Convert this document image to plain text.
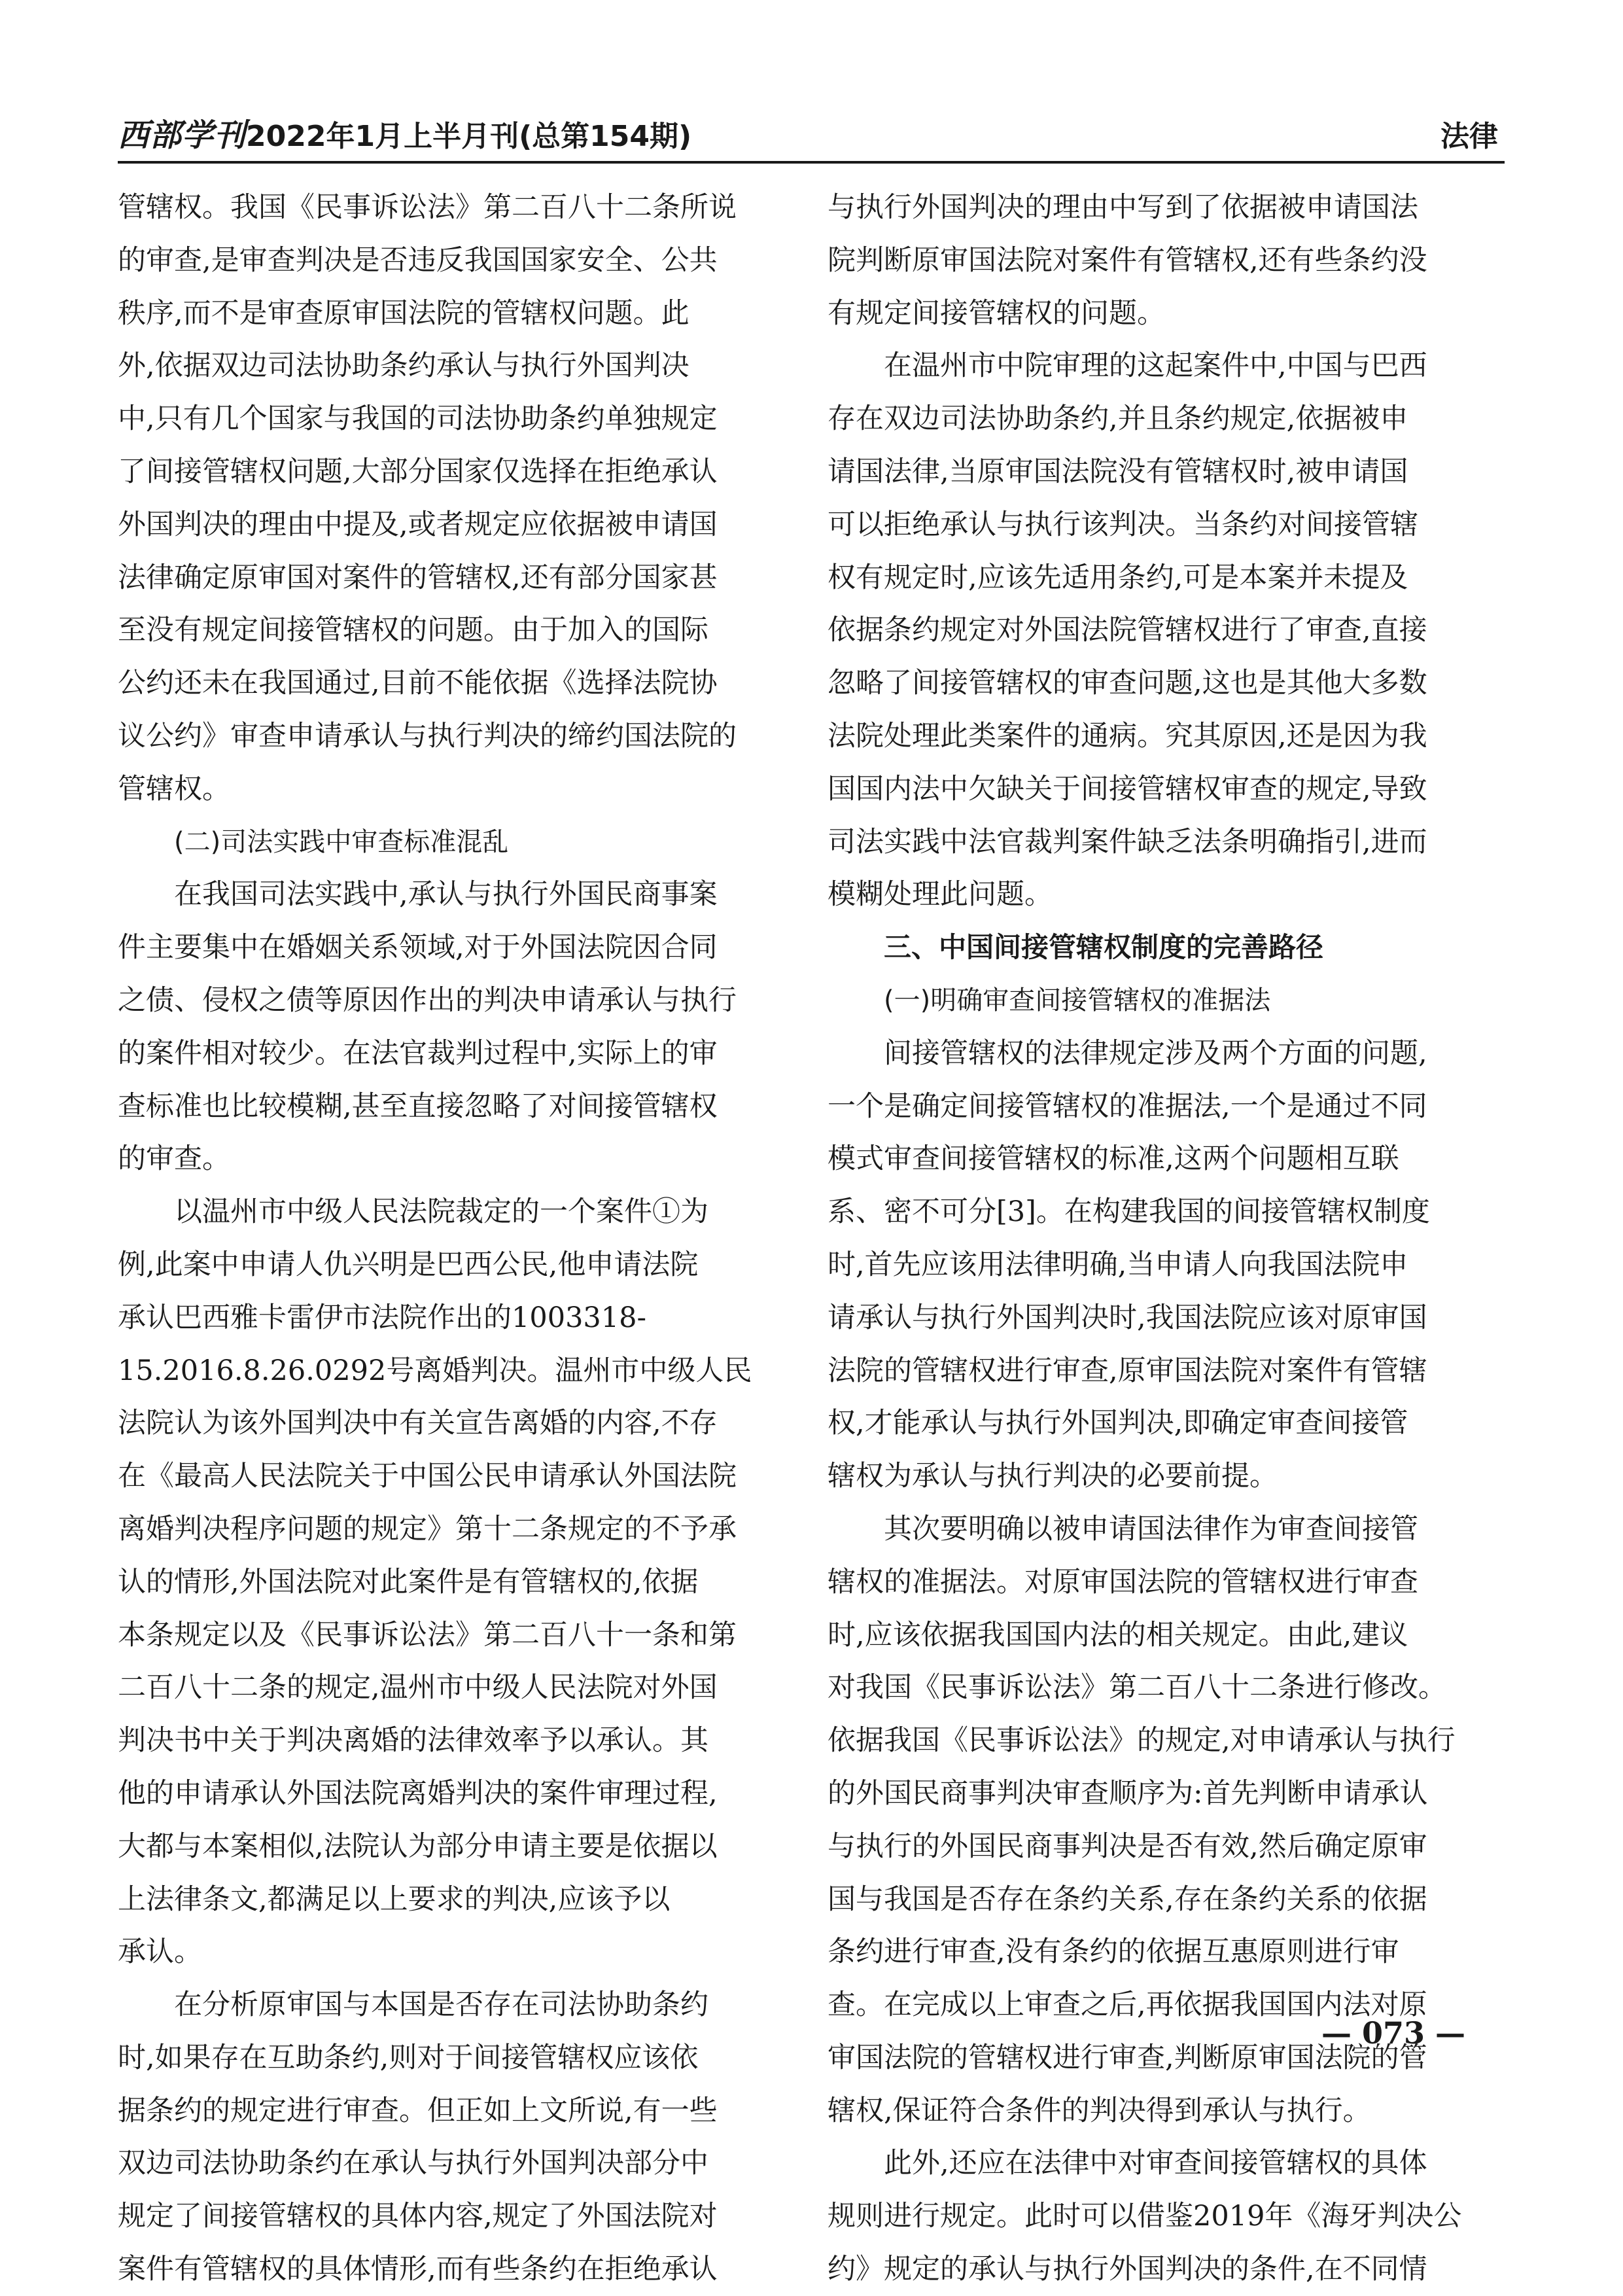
西部学刊 2022年1月上半月刊(总第154期)	法律
管辖权。我国《民事诉讼法》第二百八十二条所说
的审查,是审查判决是否违反我国国家安全、公共
秩序,而不是审查原审国法院的管辖权问题。此
外,依据双边司法协助条约承认与执行外国判决
中,只有几个国家与我国的司法协助条约单独规定
了间接管辖权问题,大部分国家仅选择在拒绝承认
外国判决的理由中提及,或者规定应依据被申请国
法律确定原审国对案件的管辖权,还有部分国家甚
至没有规定间接管辖权的问题。由于加入的国际
公约还未在我国通过,目前不能依据《选择法院协
议公约》审查申请承认与执行判决的缔约国法院的
管辖权。
(二)司法实践中审查标准混乱
在我国司法实践中,承认与执行外国民商事案
件主要集中在婚姻关系领域,对于外国法院因合同
之债、侵权之债等原因作出的判决申请承认与执行
的案件相对较少。在法官裁判过程中,实际上的审
查标准也比较模糊,甚至直接忽略了对间接管辖权
的审查。
以温州市中级人民法院裁定的一个案件①为
例,此案中申请人仇兴明是巴西公民,他申请法院
承认巴西雅卡雷伊市法院作出的1003318-
15.2016.8.26.0292号离婚判决。温州市中级人民
法院认为该外国判决中有关宣告离婚的内容,不存
在《最高人民法院关于中国公民申请承认外国法院
离婚判决程序问题的规定》第十二条规定的不予承
认的情形,外国法院对此案件是有管辖权的,依据
本条规定以及《民事诉讼法》第二百八十一条和第
二百八十二条的规定,温州市中级人民法院对外国
判决书中关于判决离婚的法律效率予以承认。其
他的申请承认外国法院离婚判决的案件审理过程,
大都与本案相似,法院认为部分申请主要是依据以
上法律条文,都满足以上要求的判决,应该予以
承认。
在分析原审国与本国是否存在司法协助条约
时,如果存在互助条约,则对于间接管辖权应该依
据条约的规定进行审查。但正如上文所说,有一些
双边司法协助条约在承认与执行外国判决部分中
规定了间接管辖权的具体内容,规定了外国法院对
案件有管辖权的具体情形,而有些条约在拒绝承认
与执行外国判决的理由中写到了依据被申请国法
院判断原审国法院对案件有管辖权,还有些条约没
有规定间接管辖权的问题。
在温州市中院审理的这起案件中,中国与巴西
存在双边司法协助条约,并且条约规定,依据被申
请国法律,当原审国法院没有管辖权时,被申请国
可以拒绝承认与执行该判决。当条约对间接管辖
权有规定时,应该先适用条约,可是本案并未提及
依据条约规定对外国法院管辖权进行了审查,直接
忽略了间接管辖权的审查问题,这也是其他大多数
法院处理此类案件的通病。究其原因,还是因为我
国国内法中欠缺关于间接管辖权审查的规定,导致
司法实践中法官裁判案件缺乏法条明确指引,进而
模糊处理此问题。
三、中国间接管辖权制度的完善路径
(一)明确审查间接管辖权的准据法
间接管辖权的法律规定涉及两个方面的问题,
一个是确定间接管辖权的准据法,一个是通过不同
模式审查间接管辖权的标准,这两个问题相互联
系、密不可分[3]。在构建我国的间接管辖权制度
时,首先应该用法律明确,当申请人向我国法院申
请承认与执行外国判决时,我国法院应该对原审国
法院的管辖权进行审查,原审国法院对案件有管辖
权,才能承认与执行外国判决,即确定审查间接管
辖权为承认与执行判决的必要前提。
其次要明确以被申请国法律作为审查间接管
辖权的准据法。对原审国法院的管辖权进行审查
时,应该依据我国国内法的相关规定。由此,建议
对我国《民事诉讼法》第二百八十二条进行修改。
依据我国《民事诉讼法》的规定,对申请承认与执行
的外国民商事判决审查顺序为:首先判断申请承认
与执行的外国民商事判决是否有效,然后确定原审
国与我国是否存在条约关系,存在条约关系的依据
条约进行审查,没有条约的依据互惠原则进行审
查。在完成以上审查之后,再依据我国国内法对原
审国法院的管辖权进行审查,判断原审国法院的管
辖权,保证符合条件的判决得到承认与执行。
此外,还应在法律中对审查间接管辖权的具体
规则进行规定。此时可以借鉴2019年《海牙判决公
约》规定的承认与执行外国判决的条件,在不同情
— 073 —
